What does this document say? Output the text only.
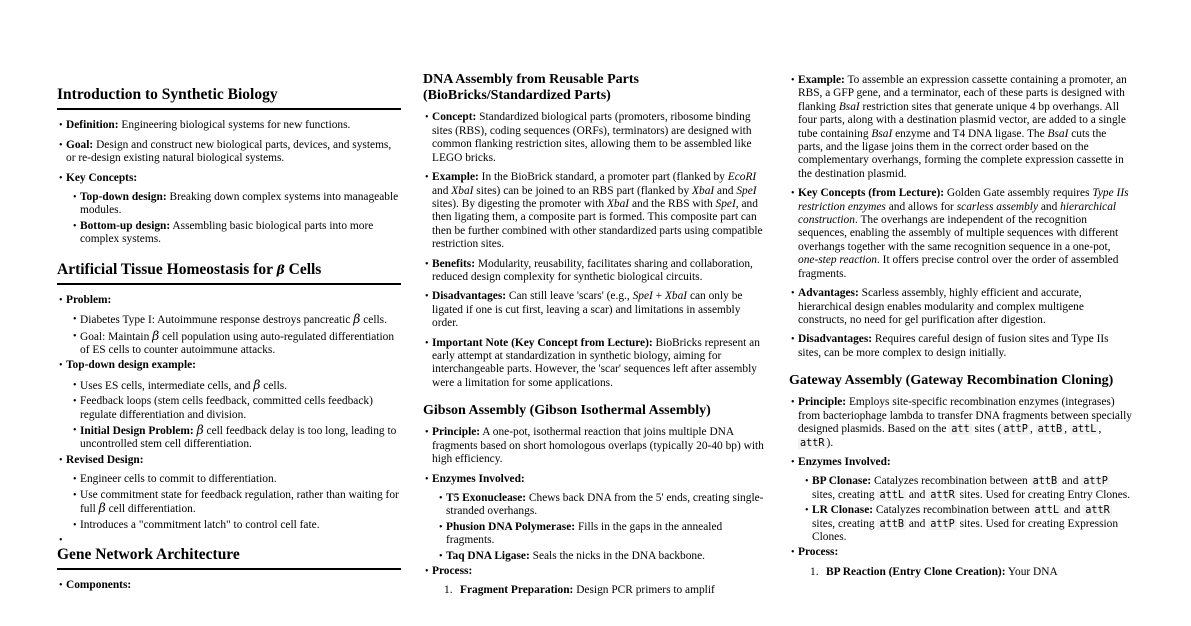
Introduction to Synthetic Biology
• Definition: Engineering biological systems for new functions.
• Goal: Design and construct new biological parts, devices, and systems, or re-design existing natural biological systems.
• Key Concepts:
• Top-down design: Breaking down complex systems into manageable modules.
• Bottom-up design: Assembling basic biological parts into more complex systems.
Artificial Tissue Homeostasis for β Cells
• Problem:
• Diabetes Type I: Autoimmune response destroys pancreatic β cells.
• Goal: Maintain β cell population using auto-regulated differentiation of ES cells to counter autoimmune attacks.
• Top-down design example:
• Uses ES cells, intermediate cells, and β cells.
• Feedback loops (stem cells feedback, committed cells feedback) regulate differentiation and division.
• Initial Design Problem: β cell feedback delay is too long, leading to uncontrolled stem cell differentiation.
• Revised Design:
• Engineer cells to commit to differentiation.
• Use commitment state for feedback regulation, rather than waiting for full β cell differentiation.
• Introduces a "commitment latch" to control cell fate.
•
Gene Network Architecture
• Components:
DNA Assembly from Reusable Parts (BioBricks/Standardized Parts)
• Concept: Standardized biological parts (promoters, ribosome binding sites (RBS), coding sequences (ORFs), terminators) are designed with common flanking restriction sites, allowing them to be assembled like LEGO bricks.
• Example: In the BioBrick standard, a promoter part (flanked by EcoRI and XbaI sites) can be joined to an RBS part (flanked by XbaI and SpeI sites). By digesting the promoter with XbaI and the RBS with SpeI, and then ligating them, a composite part is formed. This composite part can then be further combined with other standardized parts using compatible restriction sites.
• Benefits: Modularity, reusability, facilitates sharing and collaboration, reduced design complexity for synthetic biological circuits.
• Disadvantages: Can still leave 'scars' (e.g., SpeI + XbaI can only be ligated if one is cut first, leaving a scar) and limitations in assembly order.
• Important Note (Key Concept from Lecture): BioBricks represent an early attempt at standardization in synthetic biology, aiming for interchangeable parts. However, the 'scar' sequences left after assembly were a limitation for some applications.
Gibson Assembly (Gibson Isothermal Assembly)
• Principle: A one-pot, isothermal reaction that joins multiple DNA fragments based on short homologous overlaps (typically 20-40 bp) with high efficiency.
• Enzymes Involved:
• T5 Exonuclease: Chews back DNA from the 5' ends, creating single-stranded overhangs.
• Phusion DNA Polymerase: Fills in the gaps in the annealed fragments.
• Taq DNA Ligase: Seals the nicks in the DNA backbone.
• Process:
1. Fragment Preparation: Design PCR primers to amplif
• Example: To assemble an expression cassette containing a promoter, an RBS, a GFP gene, and a terminator, each of these parts is designed with flanking BsaI restriction sites that generate unique 4 bp overhangs. All four parts, along with a destination plasmid vector, are added to a single tube containing BsaI enzyme and T4 DNA ligase. The BsaI cuts the parts, and the ligase joins them in the correct order based on the complementary overhangs, forming the complete expression cassette in the destination plasmid.
• Key Concepts (from Lecture): Golden Gate assembly requires Type IIs restriction enzymes and allows for scarless assembly and hierarchical construction. The overhangs are independent of the recognition sequences, enabling the assembly of multiple sequences with different overhangs together with the same recognition sequence in a one-pot, one-step reaction. It offers precise control over the order of assembled fragments.
• Advantages: Scarless assembly, highly efficient and accurate, hierarchical design enables modularity and complex multigene constructs, no need for gel purification after digestion.
• Disadvantages: Requires careful design of fusion sites and Type IIs sites, can be more complex to design initially.
Gateway Assembly (Gateway Recombination Cloning)
• Principle: Employs site-specific recombination enzymes (integrases) from bacteriophage lambda to transfer DNA fragments between specially designed plasmids. Based on the att sites ( attP , attB , attL , attR ).
• Enzymes Involved:
• BP Clonase: Catalyzes recombination between attB and attP sites, creating attL and attR sites. Used for creating Entry Clones.
• LR Clonase: Catalyzes recombination between attL and attR sites, creating attB and attP sites. Used for creating Expression Clones.
• Process:
1. BP Reaction (Entry Clone Creation): Your DNA
